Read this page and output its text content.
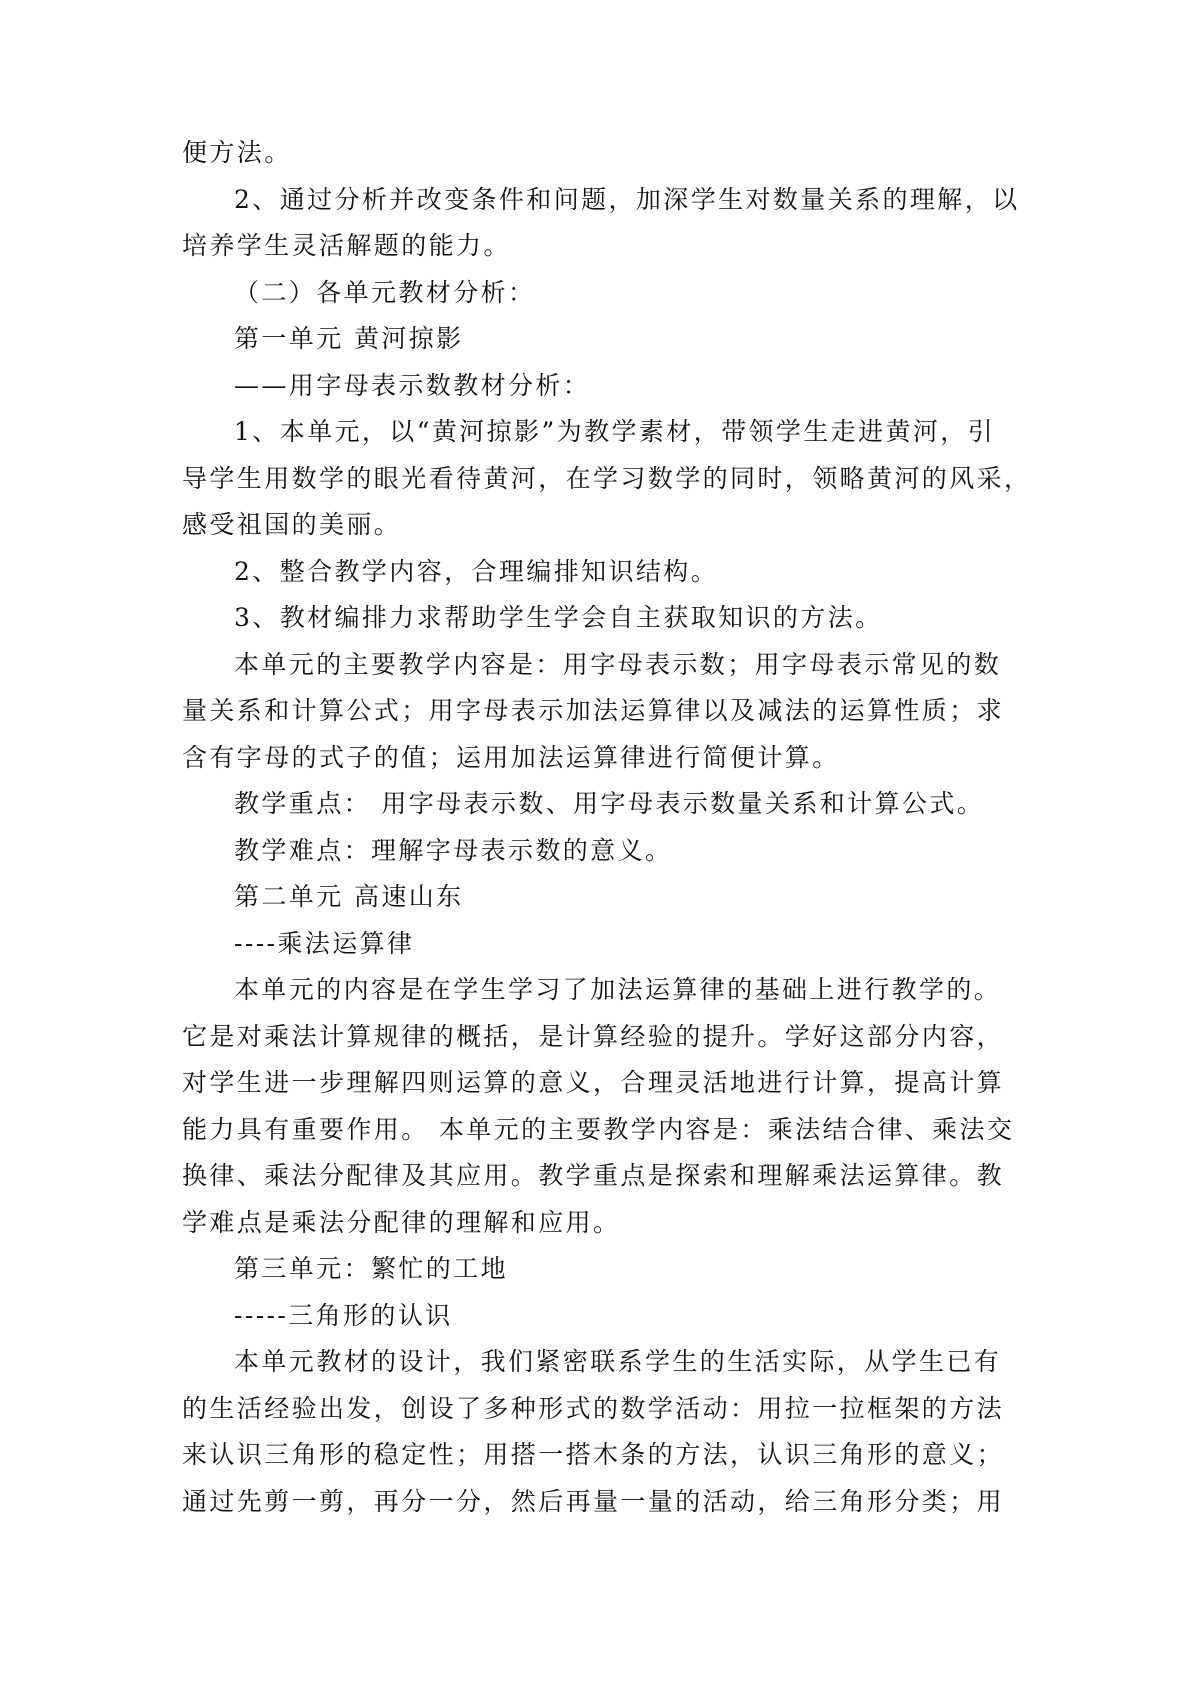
便方法。
2、通过分析并改变条件和问题，加深学生对数量关系的理解，以
培养学生灵活解题的能力。
（二）各单元教材分析：
第一单元 黄河掠影
——用字母表示数教材分析：
1、本单元，以“黄河掠影”为教学素材，带领学生走进黄河，引
导学生用数学的眼光看待黄河，在学习数学的同时，领略黄河的风采，
感受祖国的美丽。
2、整合教学内容，合理编排知识结构。
3、教材编排力求帮助学生学会自主获取知识的方法。
本单元的主要教学内容是：用字母表示数；用字母表示常见的数
量关系和计算公式；用字母表示加法运算律以及减法的运算性质；求
含有字母的式子的值；运用加法运算律进行简便计算。
教学重点： 用字母表示数、用字母表示数量关系和计算公式。
教学难点：理解字母表示数的意义。
第二单元 高速山东
----乘法运算律
本单元的内容是在学生学习了加法运算律的基础上进行教学的。
它是对乘法计算规律的概括，是计算经验的提升。学好这部分内容，
对学生进一步理解四则运算的意义，合理灵活地进行计算，提高计算
能力具有重要作用。 本单元的主要教学内容是：乘法结合律、乘法交
换律、乘法分配律及其应用。教学重点是探索和理解乘法运算律。教
学难点是乘法分配律的理解和应用。
第三单元：繁忙的工地
-----三角形的认识
本单元教材的设计，我们紧密联系学生的生活实际，从学生已有
的生活经验出发，创设了多种形式的数学活动：用拉一拉框架的方法
来认识三角形的稳定性；用搭一搭木条的方法，认识三角形的意义；
通过先剪一剪，再分一分，然后再量一量的活动，给三角形分类；用
